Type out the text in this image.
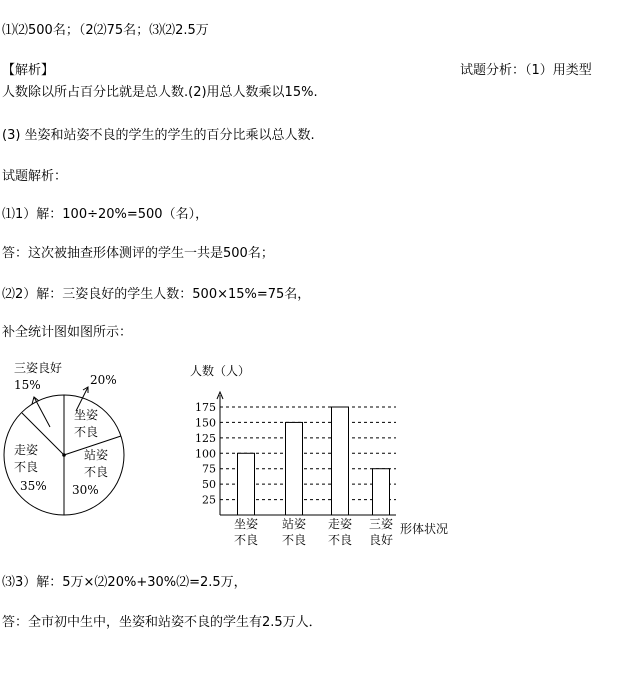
⑴⑵500名；（2⑵75名；⑶⑵2.5万
【解析】	试题分析：（1）用类型
人数除以所占百分比就是总人数.(2)用总人数乘以15%.
(3) 坐姿和站姿不良的学生的学生的百分比乘以总人数.
试题解析：
⑴1）解：100÷20%=500（名），
答：这次被抽查形体测评的学生一共是500名；
⑵2）解：三姿良好的学生人数：500×15%=75名，
补全统计图如图所示：
三姿良好
15%	20%
坐姿
不良
站姿
不良
30%
走姿
不良
35%
人数（人）
形体状况
25
50
75
100
125
150
175
坐姿
不良
站姿
不良
走姿
不良
三姿
良好
⑶3）解：5万×⑵20%+30%⑵=2.5万，
答：全市初中生中，坐姿和站姿不良的学生有2.5万人．
